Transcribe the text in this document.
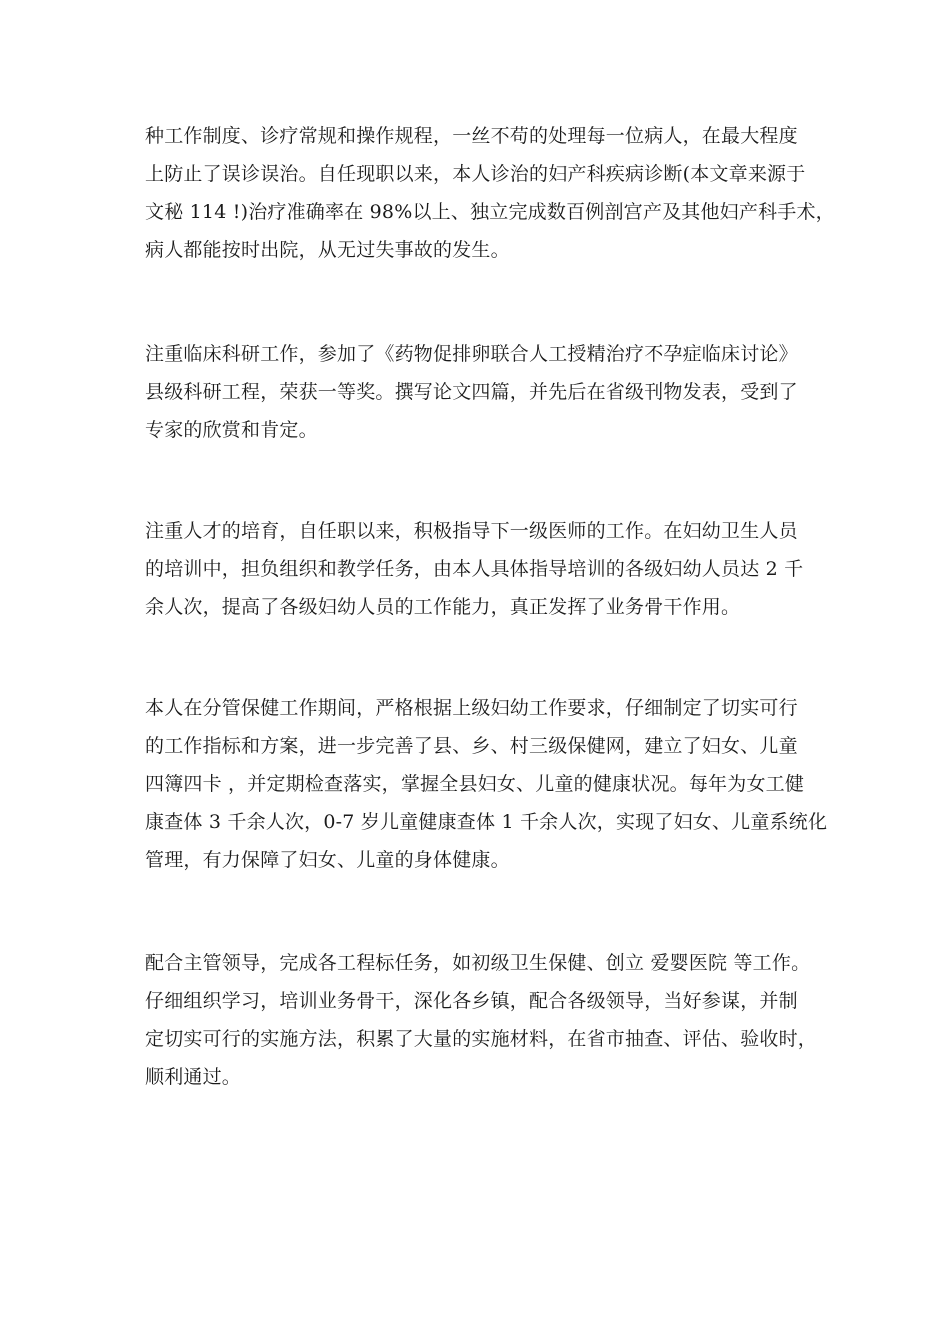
种工作制度、诊疗常规和操作规程，一丝不苟的处理每一位病人，在最大程度
上防止了误诊误治。自任现职以来，本人诊治的妇产科疾病诊断(本文章来源于
文秘 114 !)治疗准确率在 98%以上、独立完成数百例剖宫产及其他妇产科手术，
病人都能按时出院，从无过失事故的发生。
注重临床科研工作，参加了《药物促排卵联合人工授精治疗不孕症临床讨论》
县级科研工程，荣获一等奖。撰写论文四篇，并先后在省级刊物发表，受到了
专家的欣赏和肯定。
注重人才的培育，自任职以来，积极指导下一级医师的工作。在妇幼卫生人员
的培训中，担负组织和教学任务，由本人具体指导培训的各级妇幼人员达 2 千
余人次，提高了各级妇幼人员的工作能力，真正发挥了业务骨干作用。
本人在分管保健工作期间，严格根据上级妇幼工作要求，仔细制定了切实可行
的工作指标和方案，进一步完善了县、乡、村三级保健网，建立了妇女、儿童
四簿四卡 ，并定期检查落实，掌握全县妇女、儿童的健康状况。每年为女工健
康查体 3 千余人次，0-7 岁儿童健康查体 1 千余人次，实现了妇女、儿童系统化
管理，有力保障了妇女、儿童的身体健康。
配合主管领导，完成各工程标任务，如初级卫生保健、创立 爱婴医院 等工作。
仔细组织学习，培训业务骨干，深化各乡镇，配合各级领导，当好参谋，并制
定切实可行的实施方法，积累了大量的实施材料，在省市抽查、评估、验收时，
顺利通过。
